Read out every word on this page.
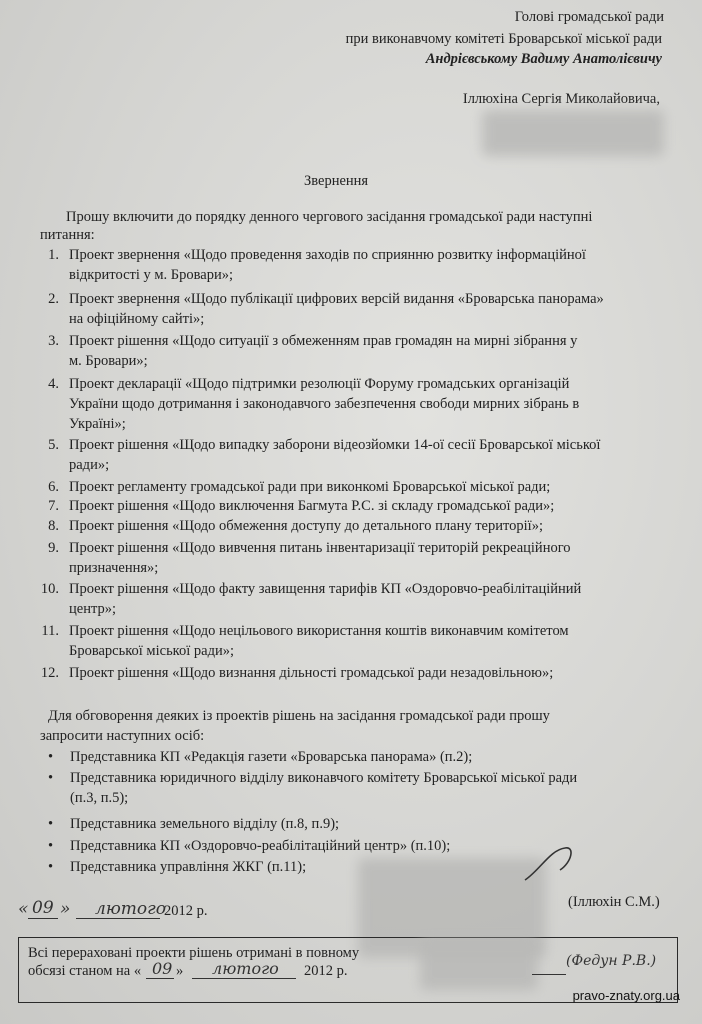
Голові громадської ради
при виконавчому комітеті Броварської міської ради
Андрієвському Вадиму Анатолієвичу
Іллюхіна Сергія Миколайовича,
Звернення
Прошу включити до порядку денного чергового засідання громадської ради наступні
питання:
1. Проект звернення «Щодо проведення заходів по сприянню розвитку інформаційної
відкритості у м. Бровари»;
2. Проект звернення «Щодо публікації цифрових версій видання «Броварська панорама»
на офіційному сайті»;
3. Проект рішення «Щодо ситуації з обмеженням прав громадян на мирні зібрання у
м. Бровари»;
4. Проект декларації «Щодо підтримки резолюції Форуму громадських організацій
України щодо дотримання і законодавчого забезпечення свободи мирних зібрань в
Україні»;
5. Проект рішення «Щодо випадку заборони відеозйомки 14-ої сесії Броварської міської
ради»;
6. Проект регламенту громадської ради при виконкомі Броварської міської ради;
7. Проект рішення «Щодо виключення Багмута Р.С. зі складу громадської ради»;
8. Проект рішення «Щодо обмеження доступу до детального плану території»;
9. Проект рішення «Щодо вивчення питань інвентаризації територій рекреаційного
призначення»;
10. Проект рішення «Щодо факту завищення тарифів КП «Оздоровчо-реабілітаційний
центр»;
11. Проект рішення «Щодо нецільового використання коштів виконавчим комітетом
Броварської міської ради»;
12. Проект рішення «Щодо визнання дільності громадської ради незадовільною»;
Для обговорення деяких із проектів рішень на засідання громадської ради прошу
запросити наступних осіб:
• Представника КП «Редакція газети «Броварська панорама» (п.2);
• Представника юридичного відділу виконавчого комітету Броварської міської ради
(п.3, п.5);
• Представника земельного відділу (п.8, п.9);
• Представника КП «Оздоровчо-реабілітаційний центр» (п.10);
• Представника управління ЖКГ (п.11);
« 09 » лютого
2012 р.
(Іллюхін С.М.)
Всі перераховані проекти рішень отримані в повному
обсязі станом на « 09 » лютого 2012 р.
(Федун Р.В.)
pravo-znaty.org.ua
